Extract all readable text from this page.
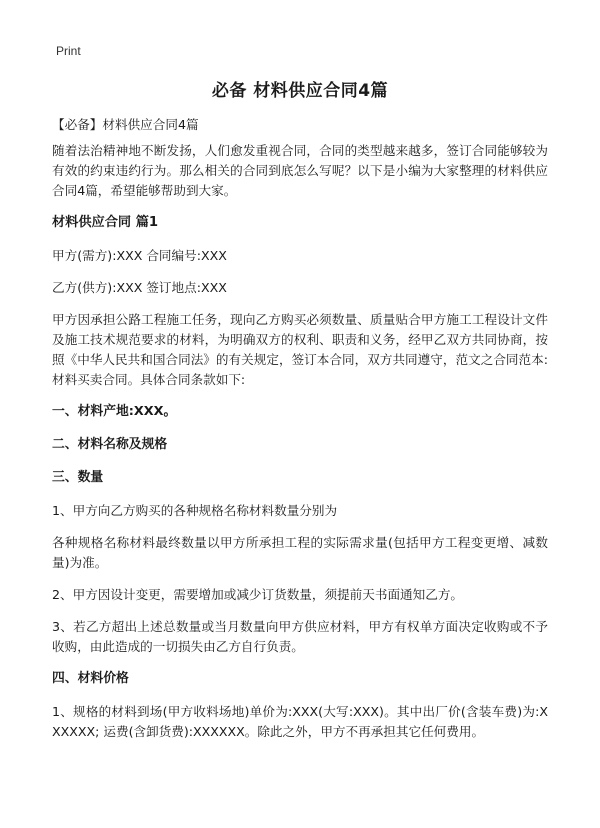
Print
必备 材料供应合同4篇

【必备】材料供应合同4篇

随着法治精神地不断发扬，人们愈发重视合同，合同的类型越来越多，签订合同能够较为有效的约束违约行为。那么相关的合同到底怎么写呢？以下是小编为大家整理的材料供应合同4篇，希望能够帮助到大家。

材料供应合同 篇1

甲方(需方):XXX 合同编号:XXX

乙方(供方):XXX 签订地点:XXX

甲方因承担公路工程施工任务，现向乙方购买必须数量、质量贴合甲方施工工程设计文件及施工技术规范要求的材料，为明确双方的权利、职责和义务，经甲乙双方共同协商，按照《中华人民共和国合同法》的有关规定，签订本合同，双方共同遵守，范文之合同范本:材料买卖合同。具体合同条款如下:

一、材料产地:XXX。
二、材料名称及规格
三、数量

1、甲方向乙方购买的各种规格名称材料数量分别为

各种规格名称材料最终数量以甲方所承担工程的实际需求量(包括甲方工程变更增、减数量)为准。

2、甲方因设计变更，需要增加或减少订货数量，须提前天书面通知乙方。

3、若乙方超出上述总数量或当月数量向甲方供应材料，甲方有权单方面决定收购或不予收购，由此造成的一切损失由乙方自行负责。

四、材料价格

1、规格的材料到场(甲方收料场地)单价为:XXX(大写:XXX)。其中出厂价(含装车费)为:XXXXXX; 运费(含卸货费):XXXXXX。除此之外，甲方不再承担其它任何费用。
